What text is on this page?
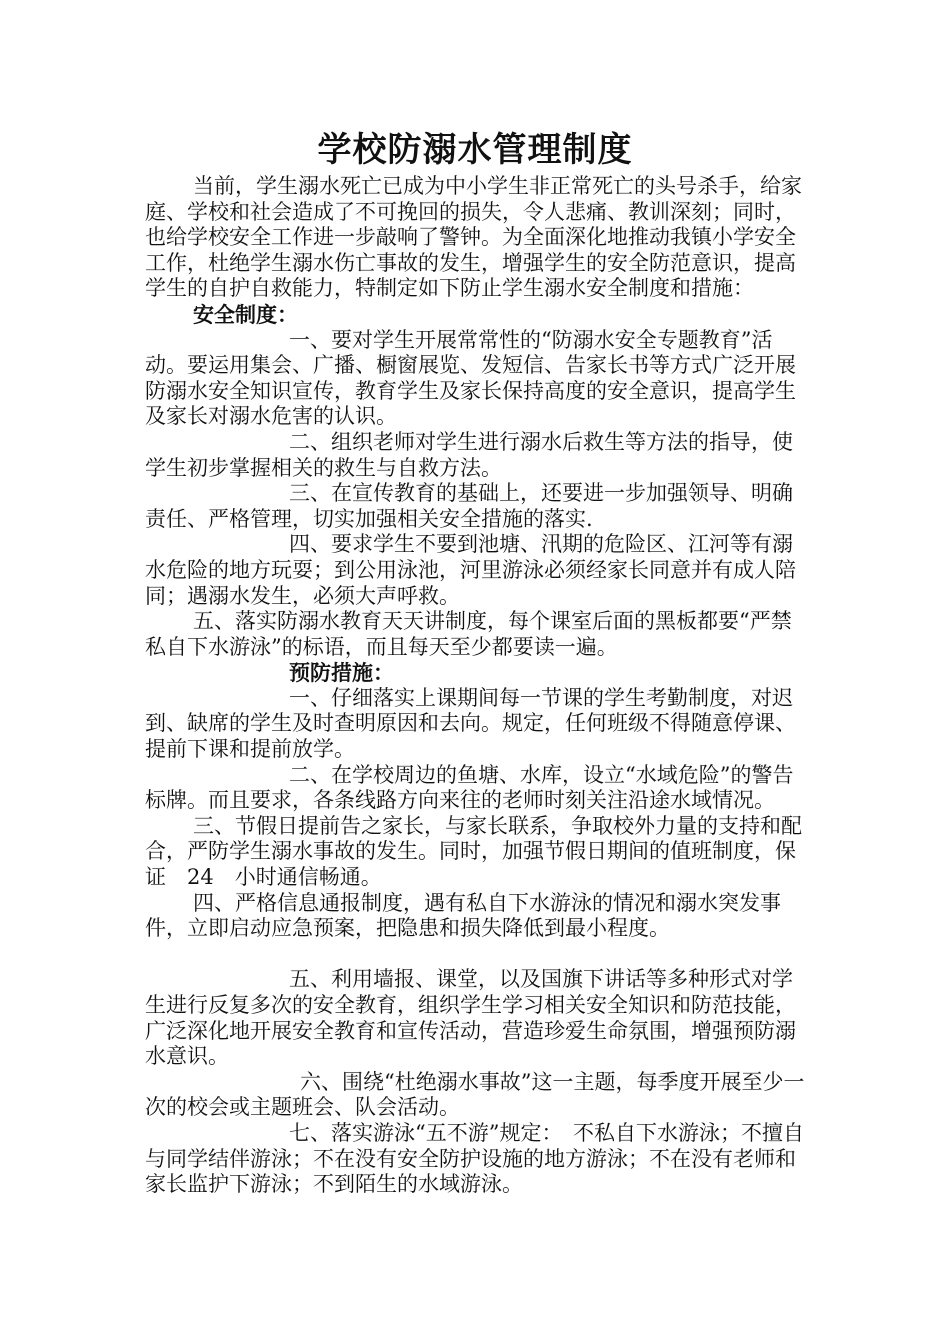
学校防溺水管理制度

当前，学生溺水死亡已成为中小学生非正常死亡的头号杀手，给家庭、学校和社会造成了不可挽回的损失，令人悲痛、教训深刻；同时，也给学校安全工作进一步敲响了警钟。为全面深化地推动我镇小学安全工作，杜绝学生溺水伤亡事故的发生，增强学生的安全防范意识，提高学生的自护自救能力，特制定如下防止学生溺水安全制度和措施：

安全制度：

一、要对学生开展常常性的“防溺水安全专题教育”活动。要运用集会、广播、橱窗展览、发短信、告家长书等方式广泛开展防溺水安全知识宣传，教育学生及家长保持高度的安全意识，提高学生及家长对溺水危害的认识。

二、组织老师对学生进行溺水后救生等方法的指导，使学生初步掌握相关的救生与自救方法。

三、在宣传教育的基础上，还要进一步加强领导、明确责任、严格管理，切实加强相关安全措施的落实.

四、要求学生不要到池塘、汛期的危险区、江河等有溺水危险的地方玩耍；到公用泳池，河里游泳必须经家长同意并有成人陪同；遇溺水发生，必须大声呼救。

五、落实防溺水教育天天讲制度，每个课室后面的黑板都要“严禁私自下水游泳”的标语，而且每天至少都要读一遍。

预防措施：

一、仔细落实上课期间每一节课的学生考勤制度，对迟到、缺席的学生及时查明原因和去向。规定，任何班级不得随意停课、提前下课和提前放学。

二、在学校周边的鱼塘、水库，设立“水域危险”的警告标牌。而且要求，各条线路方向来往的老师时刻关注沿途水域情况。

三、节假日提前告之家长，与家长联系，争取校外力量的支持和配合，严防学生溺水事故的发生。同时，加强节假日期间的值班制度，保证　24　小时通信畅通。

四、严格信息通报制度，遇有私自下水游泳的情况和溺水突发事件，立即启动应急预案，把隐患和损失降低到最小程度。

五、利用墙报、课堂，以及国旗下讲话等多种形式对学生进行反复多次的安全教育，组织学生学习相关安全知识和防范技能，广泛深化地开展安全教育和宣传活动，营造珍爱生命氛围，增强预防溺水意识。

六、围绕“杜绝溺水事故”这一主题，每季度开展至少一次的校会或主题班会、队会活动。

七、落实游泳“五不游”规定：　不私自下水游泳；不擅自与同学结伴游泳；不在没有安全防护设施的地方游泳；不在没有老师和家长监护下游泳；不到陌生的水域游泳。
